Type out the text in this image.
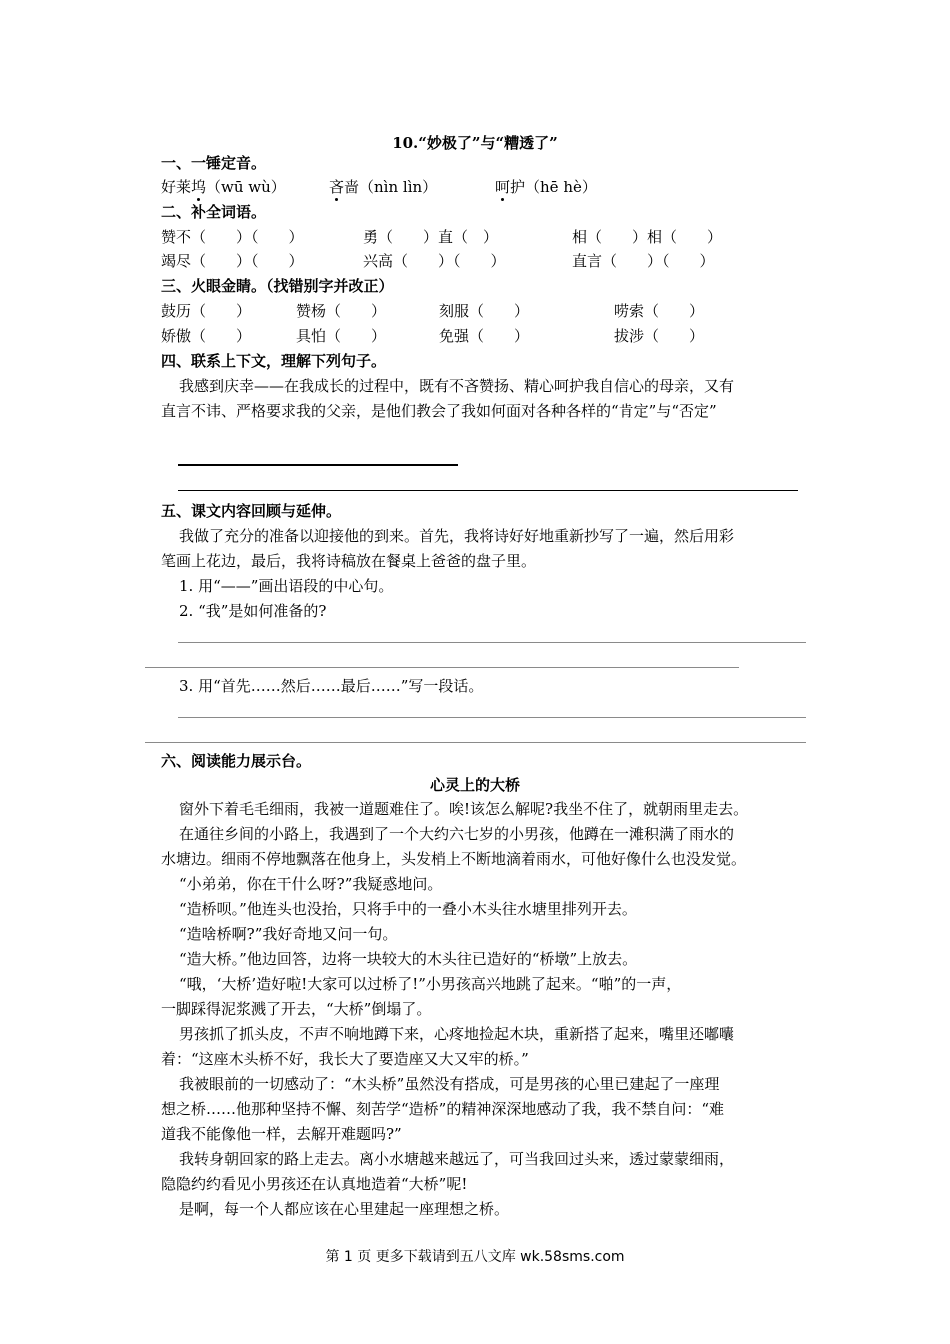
10.“妙极了”与“糟透了”
一、一锤定音。
好莱坞（wū wù）	吝啬（nìn lìn）	呵护（hē hè）
二、补全词语。
赞不（　　）（　　）	勇（　　）直（　）	相（　　）相（　　）
竭尽（　　）（　　）	兴高（　　）（　　）	直言（　　）（　　）
三、火眼金睛。（找错别字并改正）
鼓历（　　）	赞杨（　　）	刻服（　　）	唠索（　　）
娇傲（　　）	具怕（　　）	免强（　　）	拔涉（　　）
四、联系上下文，理解下列句子。
我感到庆幸——在我成长的过程中，既有不吝赞扬、精心呵护我自信心的母亲，又有
直言不讳、严格要求我的父亲，是他们教会了我如何面对各种各样的“肯定”与“否定”
五、课文内容回顾与延伸。
我做了充分的准备以迎接他的到来。首先，我将诗好好地重新抄写了一遍，然后用彩
笔画上花边，最后，我将诗稿放在餐桌上爸爸的盘子里。
1. 用“——”画出语段的中心句。
2. “我”是如何准备的?
3. 用“首先……然后……最后……”写一段话。
六、阅读能力展示台。
心灵上的大桥
窗外下着毛毛细雨，我被一道题难住了。唉!该怎么解呢?我坐不住了，就朝雨里走去。
在通往乡间的小路上，我遇到了一个大约六七岁的小男孩，他蹲在一滩积满了雨水的
水塘边。细雨不停地飘落在他身上，头发梢上不断地滴着雨水，可他好像什么也没发觉。
“小弟弟，你在干什么呀?”我疑惑地问。
“造桥呗。”他连头也没抬，只将手中的一叠小木头往水塘里排列开去。
“造啥桥啊?”我好奇地又问一句。
“造大桥。”他边回答，边将一块较大的木头往已造好的“桥墩”上放去。
“哦，‘大桥’造好啦!大家可以过桥了!”小男孩高兴地跳了起来。“啪”的一声，
一脚踩得泥浆溅了开去，“大桥”倒塌了。
男孩抓了抓头皮，不声不响地蹲下来，心疼地捡起木块，重新搭了起来，嘴里还嘟囔
着：“这座木头桥不好，我长大了要造座又大又牢的桥。”
我被眼前的一切感动了：“木头桥”虽然没有搭成，可是男孩的心里已建起了一座理
想之桥……他那种坚持不懈、刻苦学“造桥”的精神深深地感动了我，我不禁自问：“难
道我不能像他一样，去解开难题吗?”
我转身朝回家的路上走去。离小水塘越来越远了，可当我回过头来，透过蒙蒙细雨，
隐隐约约看见小男孩还在认真地造着“大桥”呢!
是啊，每一个人都应该在心里建起一座理想之桥。
第 1 页 更多下载请到五八文库 wk.58sms.com
